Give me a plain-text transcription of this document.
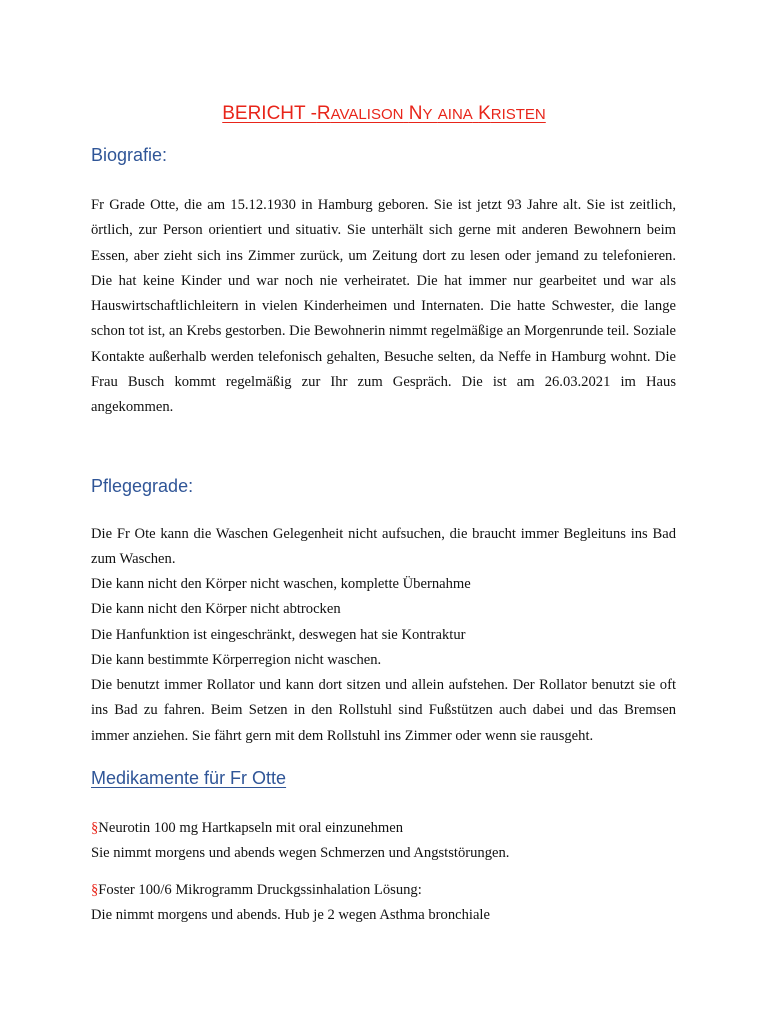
BERICHT -RAVALISON NY AINA KRISTEN
Biografie:

Fr Grade Otte, die am 15.12.1930 in Hamburg geboren. Sie ist jetzt 93 Jahre alt. Sie ist zeitlich, örtlich, zur Person orientiert und situativ. Sie unterhält sich gerne mit anderen Bewohnern beim Essen, aber zieht sich ins Zimmer zurück, um Zeitung dort zu lesen oder jemand zu telefonieren. Die hat keine Kinder und war noch nie verheiratet. Die hat immer nur gearbeitet und war als Hauswirtschaftlichleitern in vielen Kinderheimen und Internaten. Die hatte Schwester, die lange schon tot ist, an Krebs gestorben. Die Bewohnerin nimmt regelmäßige an Morgenrunde teil. Soziale Kontakte außerhalb werden telefonisch gehalten, Besuche selten, da Neffe in Hamburg wohnt. Die Frau Busch kommt regelmäßig zur Ihr zum Gespräch. Die ist am 26.03.2021 im Haus angekommen.

Pflegegrade:

Die Fr Ote kann die Waschen Gelegenheit nicht aufsuchen, die braucht immer Begleituns ins Bad zum Waschen.

Die kann nicht den Körper nicht waschen, komplette Übernahme

Die kann nicht den Körper nicht abtrocken

Die Hanfunktion ist eingeschränkt, deswegen hat sie Kontraktur

Die kann bestimmte Körperregion nicht waschen.

Die benutzt immer Rollator und kann dort sitzen und allein aufstehen. Der Rollator benutzt sie oft ins Bad zu fahren. Beim Setzen in den Rollstuhl sind Fußstützen auch dabei und das Bremsen immer anziehen. Sie fährt gern mit dem Rollstuhl ins Zimmer oder wenn sie rausgeht.

Medikamente für Fr Otte

§Neurotin 100 mg Hartkapseln mit oral einzunehmen

Sie nimmt morgens und abends wegen Schmerzen und Angststörungen.

§Foster 100/6 Mikrogramm Druckgssinhalation Lösung:

Die nimmt morgens und abends. Hub je 2 wegen Asthma bronchiale
